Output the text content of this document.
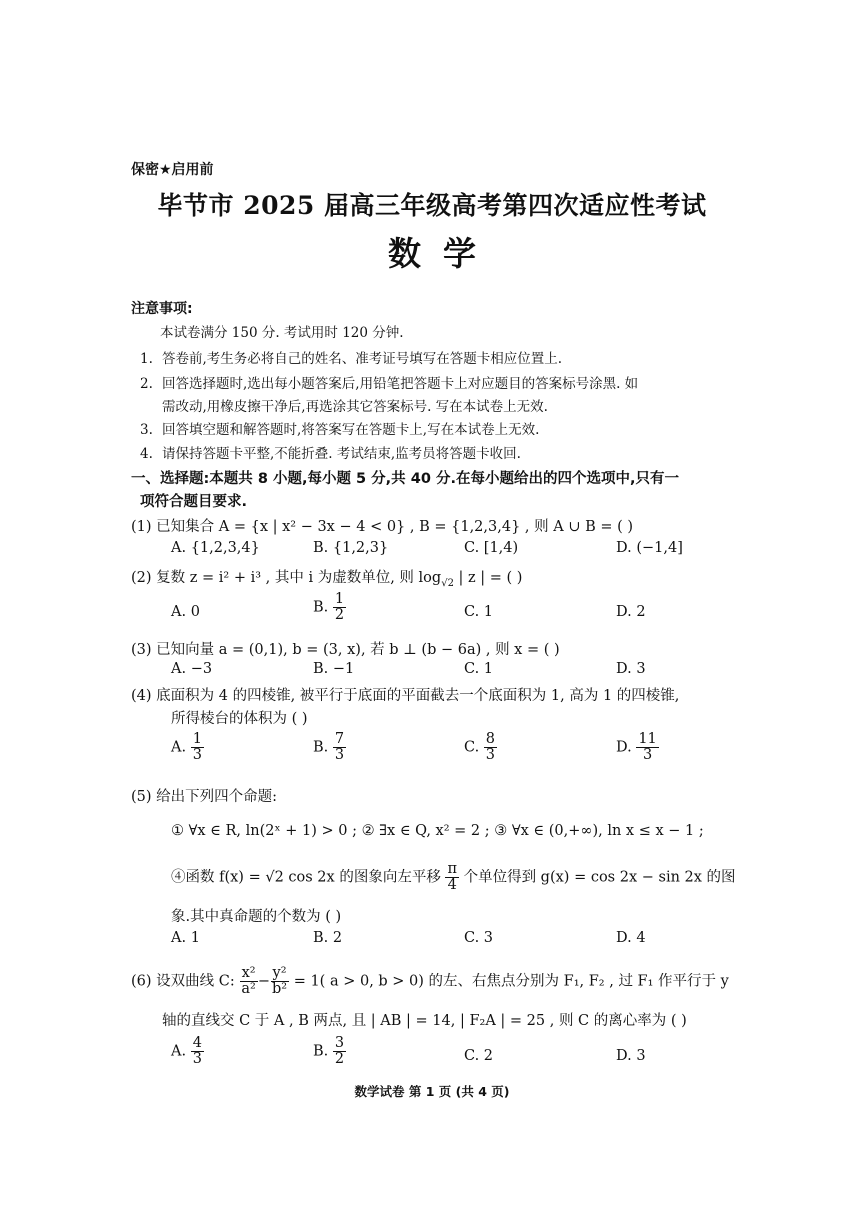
保密★启用前
毕节市 2025 届高三年级高考第四次适应性考试
数学
注意事项:
本试卷满分 150 分. 考试用时 120 分钟.
1. 答卷前,考生务必将自己的姓名、准考证号填写在答题卡相应位置上.
2. 回答选择题时,选出每小题答案后,用铅笔把答题卡上对应题目的答案标号涂黑. 如
需改动,用橡皮擦干净后,再选涂其它答案标号. 写在本试卷上无效.
3. 回答填空题和解答题时,将答案写在答题卡上,写在本试卷上无效.
4. 请保持答题卡平整,不能折叠. 考试结束,监考员将答题卡收回.
一、选择题:本题共 8 小题,每小题 5 分,共 40 分.在每小题给出的四个选项中,只有一
项符合题目要求.
(1) 已知集合 A = {x | x² − 3x − 4 < 0} , B = {1,2,3,4} , 则 A ∪ B = ( )
A. {1,2,3,4}	B. {1,2,3}	C. [1,4)	D. (−1,4]
(2) 复数 z = i² + i³ , 其中 i 为虚数单位, 则 $\log_{√2}$ | z | = ( )
A. 0	B. $\frac{1}{2}$	C. 1	D. 2
(3) 已知向量 a = (0,1), b = (3, x), 若 b ⊥ (b − 6a) , 则 x = ( )
A. −3	B. −1	C. 1	D. 3
(4) 底面积为 4 的四棱锥, 被平行于底面的平面截去一个底面积为 1, 高为 1 的四棱锥,
所得棱台的体积为 ( )
A. $\frac{1}{3}$	B. $\frac{7}{3}$	C. $\frac{8}{3}$	D. $\frac{11}{3}$
(5) 给出下列四个命题:
① ∀x ∈ R, ln(2ˣ + 1) > 0 ; ② ∃x ∈ Q, x² = 2 ; ③ ∀x ∈ (0,+∞), ln x ≤ x − 1 ;
④函数 f(x) = √2 cos 2x 的图象向左平移 $\frac{\pi}{4}$ 个单位得到 g(x) = cos 2x − sin 2x 的图
象.其中真命题的个数为 ( )
A. 1	B. 2	C. 3	D. 4
(6) 设双曲线 C: $\frac{\text{x²}}{\text{a²}} - \frac{\text{y²}}{\text{b²}} = 1$( a > 0, b > 0) 的左、右焦点分别为 F₁, F₂ , 过 F₁ 作平行于 y
轴的直线交 C 于 A , B 两点, 且 | AB | = 14, | F₂A | = 25 , 则 C 的离心率为 ( )
A. $\frac{4}{3}$	B. $\frac{3}{2}$	C. 2	D. 3
数学试卷 第 1 页 (共 4 页)
